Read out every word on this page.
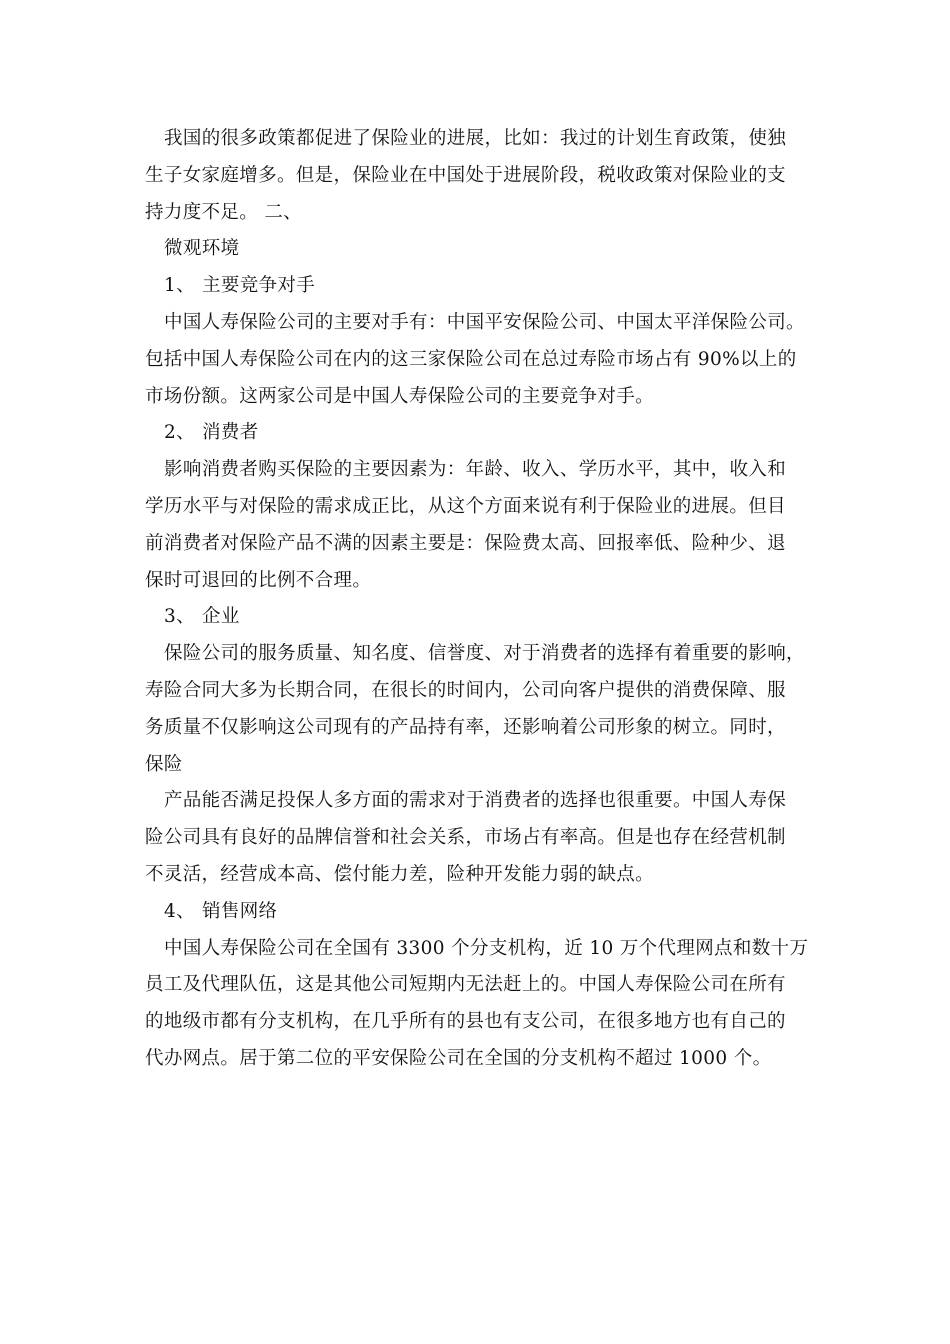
我国的很多政策都促进了保险业的进展，比如：我过的计划生育政策，使独
生子女家庭增多。但是，保险业在中国处于进展阶段，税收政策对保险业的支
持力度不足。 二、
微观环境
1、 主要竞争对手
中国人寿保险公司的主要对手有：中国平安保险公司、中国太平洋保险公司。
包括中国人寿保险公司在内的这三家保险公司在总过寿险市场占有 90%以上的
市场份额。这两家公司是中国人寿保险公司的主要竞争对手。
2、 消费者
影响消费者购买保险的主要因素为：年龄、收入、学历水平，其中，收入和
学历水平与对保险的需求成正比，从这个方面来说有利于保险业的进展。但目
前消费者对保险产品不满的因素主要是：保险费太高、回报率低、险种少、退
保时可退回的比例不合理。
3、 企业
保险公司的服务质量、知名度、信誉度、对于消费者的选择有着重要的影响，
寿险合同大多为长期合同，在很长的时间内，公司向客户提供的消费保障、服
务质量不仅影响这公司现有的产品持有率，还影响着公司形象的树立。同时，
保险
产品能否满足投保人多方面的需求对于消费者的选择也很重要。中国人寿保
险公司具有良好的品牌信誉和社会关系，市场占有率高。但是也存在经营机制
不灵活，经营成本高、偿付能力差，险种开发能力弱的缺点。
4、 销售网络
中国人寿保险公司在全国有 3300 个分支机构，近 10 万个代理网点和数十万
员工及代理队伍，这是其他公司短期内无法赶上的。中国人寿保险公司在所有
的地级市都有分支机构，在几乎所有的县也有支公司，在很多地方也有自己的
代办网点。居于第二位的平安保险公司在全国的分支机构不超过 1000 个。
